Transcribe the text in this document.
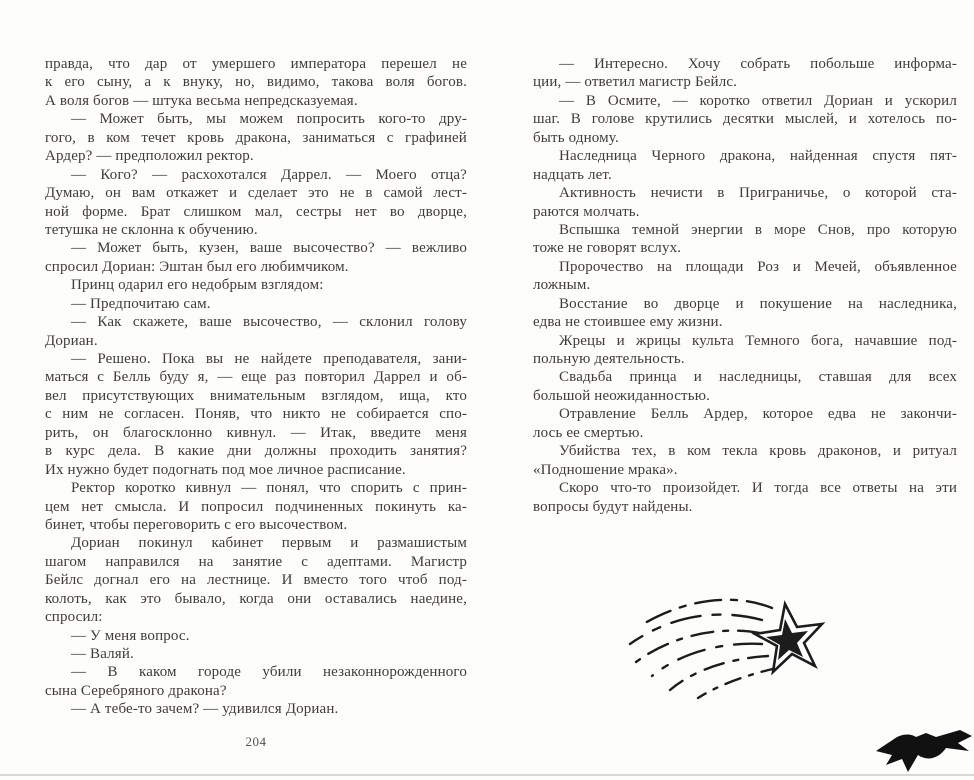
правда, что дар от умершего императора перешел не
к его сыну, а к внуку, но, видимо, такова воля богов.
А воля богов — штука весьма непредсказуемая.
— Может быть, мы можем попросить кого-то дру-
гого, в ком течет кровь дракона, заниматься с графиней
Ардер? — предположил ректор.
— Кого? — расхохотался Даррел. — Моего отца?
Думаю, он вам откажет и сделает это не в самой лест-
ной форме. Брат слишком мал, сестры нет во дворце,
тетушка не склонна к обучению.
— Может быть, кузен, ваше высочество? — вежливо
спросил Дориан: Эштан был его любимчиком.
Принц одарил его недобрым взглядом:
— Предпочитаю сам.
— Как скажете, ваше высочество, — склонил голову
Дориан.
— Решено. Пока вы не найдете преподавателя, зани-
маться с Белль буду я, — еще раз повторил Даррел и об-
вел присутствующих внимательным взглядом, ища, кто
с ним не согласен. Поняв, что никто не собирается спо-
рить, он благосклонно кивнул. — Итак, введите меня
в курс дела. В какие дни должны проходить занятия?
Их нужно будет подогнать под мое личное расписание.
Ректор коротко кивнул — понял, что спорить с прин-
цем нет смысла. И попросил подчиненных покинуть ка-
бинет, чтобы переговорить с его высочеством.
Дориан покинул кабинет первым и размашистым
шагом направился на занятие с адептами. Магистр
Бейлс догнал его на лестнице. И вместо того чтоб под-
колоть, как это бывало, когда они оставались наедине,
спросил:
— У меня вопрос.
— Валяй.
— В каком городе убили незаконнорожденного
сына Серебряного дракона?
— А тебе-то зачем? — удивился Дориан.
— Интересно. Хочу собрать побольше информа-
ции, — ответил магистр Бейлс.
— В Осмите, — коротко ответил Дориан и ускорил
шаг. В голове крутились десятки мыслей, и хотелось по-
быть одному.
Наследница Черного дракона, найденная спустя пят-
надцать лет.
Активность нечисти в Приграничье, о которой ста-
раются молчать.
Вспышка темной энергии в море Снов, про которую
тоже не говорят вслух.
Пророчество на площади Роз и Мечей, объявленное
ложным.
Восстание во дворце и покушение на наследника,
едва не стоившее ему жизни.
Жрецы и жрицы культа Темного бога, начавшие под-
польную деятельность.
Свадьба принца и наследницы, ставшая для всех
большой неожиданностью.
Отравление Белль Ардер, которое едва не закончи-
лось ее смертью.
Убийства тех, в ком текла кровь драконов, и ритуал
«Подношение мрака».
Скоро что-то произойдет. И тогда все ответы на эти
вопросы будут найдены.
204
